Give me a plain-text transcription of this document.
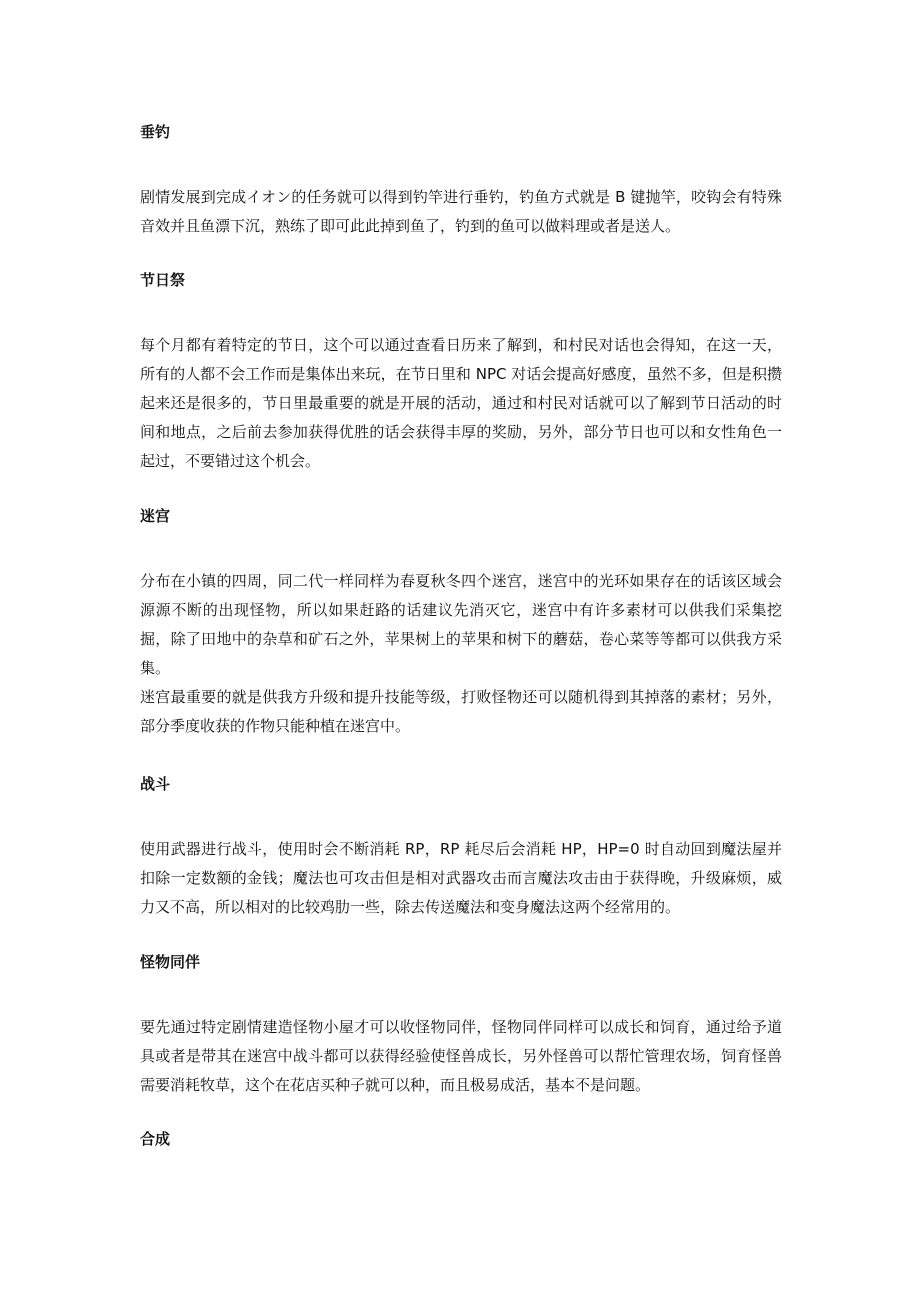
垂钓

剧情发展到完成イオン的任务就可以得到钓竿进行垂钓，钓鱼方式就是 B 键抛竿，咬钩会有特殊音效并且鱼漂下沉，熟练了即可此此掉到鱼了，钓到的鱼可以做料理或者是送人。

节日祭

每个月都有着特定的节日，这个可以通过查看日历来了解到，和村民对话也会得知，在这一天，所有的人都不会工作而是集体出来玩，在节日里和 NPC 对话会提高好感度，虽然不多，但是积攒起来还是很多的，节日里最重要的就是开展的活动，通过和村民对话就可以了解到节日活动的时间和地点，之后前去参加获得优胜的话会获得丰厚的奖励，另外，部分节日也可以和女性角色一起过，不要错过这个机会。

迷宫

分布在小镇的四周，同二代一样同样为春夏秋冬四个迷宫，迷宫中的光环如果存在的话该区域会源源不断的出现怪物，所以如果赶路的话建议先消灭它，迷宫中有许多素材可以供我们采集挖掘，除了田地中的杂草和矿石之外，苹果树上的苹果和树下的蘑菇，卷心菜等等都可以供我方采集。

迷宫最重要的就是供我方升级和提升技能等级，打败怪物还可以随机得到其掉落的素材；另外，部分季度收获的作物只能种植在迷宫中。

战斗

使用武器进行战斗，使用时会不断消耗 RP，RP 耗尽后会消耗 HP，HP=0 时自动回到魔法屋并扣除一定数额的金钱；魔法也可攻击但是相对武器攻击而言魔法攻击由于获得晚，升级麻烦，威力又不高，所以相对的比较鸡肋一些，除去传送魔法和变身魔法这两个经常用的。

怪物同伴

要先通过特定剧情建造怪物小屋才可以收怪物同伴，怪物同伴同样可以成长和饲育，通过给予道具或者是带其在迷宫中战斗都可以获得经验使怪兽成长，另外怪兽可以帮忙管理农场，饲育怪兽需要消耗牧草，这个在花店买种子就可以种，而且极易成活，基本不是问题。

合成
